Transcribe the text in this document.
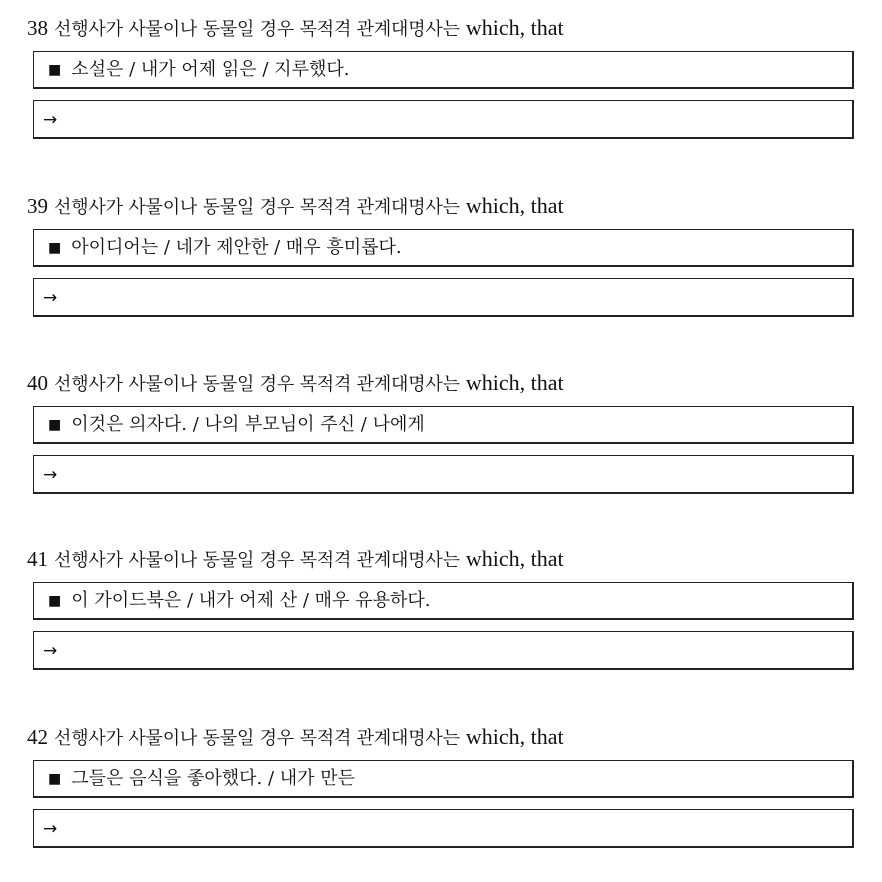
38 선행사가 사물이나 동물일 경우 목적격 관계대명사는 which, that

■ 소설은 / 내가 어제 읽은 / 지루했다.
→

39 선행사가 사물이나 동물일 경우 목적격 관계대명사는 which, that

■ 아이디어는 / 네가 제안한 / 매우 흥미롭다.
→

40 선행사가 사물이나 동물일 경우 목적격 관계대명사는 which, that

■ 이것은 의자다. / 나의 부모님이 주신 / 나에게
→

41 선행사가 사물이나 동물일 경우 목적격 관계대명사는 which, that

■ 이 가이드북은 / 내가 어제 산 / 매우 유용하다.
→

42 선행사가 사물이나 동물일 경우 목적격 관계대명사는 which, that

■ 그들은 음식을 좋아했다. / 내가 만든
→
